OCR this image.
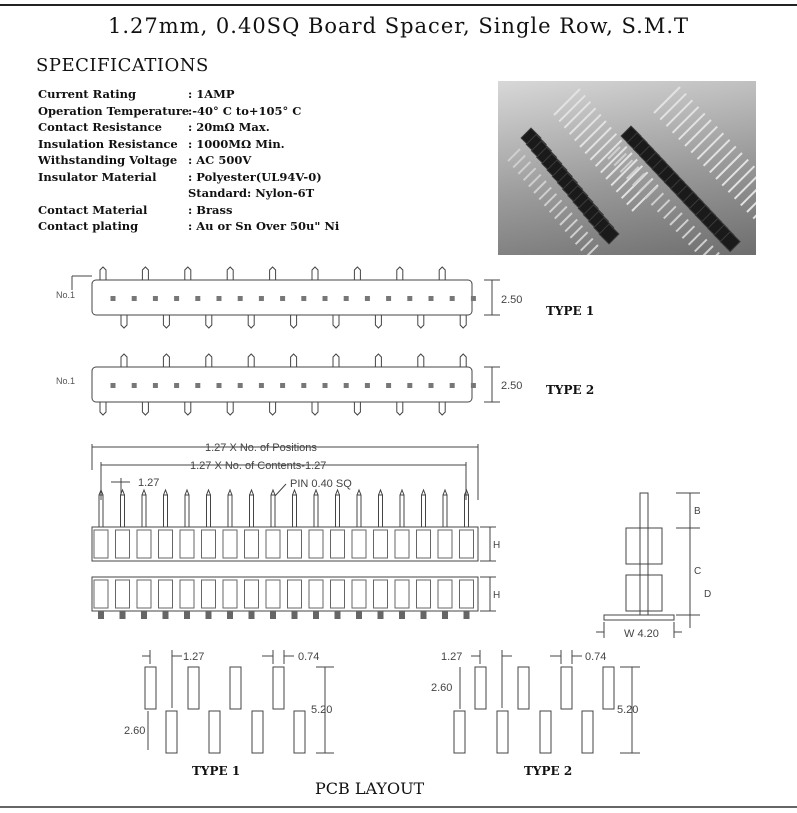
1.27mm, 0.40SQ Board Spacer, Single Row, S.M.T
SPECIFICATIONS
Current Rating	: 1AMP
Operation Temperature:-40° C to+105° C
Contact Resistance : 20mΩ Max.
Insulation Resistance : 1000MΩ Min.
Withstanding Voltage : AC 500V
Insulator Material	: Polyester(UL94V-0)
Standard: Nylon-6T
Contact Material	: Brass
Contact plating	: Au or Sn Over 50u" Ni
No.1
No.1
2.50
2.50
1.27 X No. of Positions
1.27 X No. of Contents-1.27
1.27	PIN 0.40 SQ
H
H
B
C
D
W 4.20
1.27	0.74
2.60
5.20
1.27	0.74
2.60
5.20
TYPE 1
TYPE 2
TYPE 1	TYPE 2
PCB LAYOUT
